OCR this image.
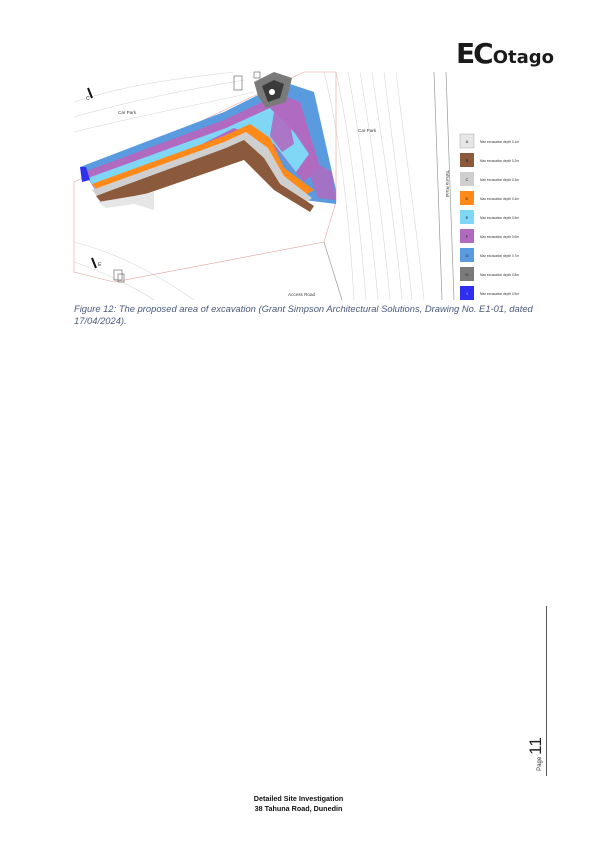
EC Otago
C
E
Car Park
Car Park
Access Road
Tahuna Road
A	Max excavation depth 0.1m
B	Max excavation depth 0.2m
C	Max excavation depth 0.3m
D	Max excavation depth 0.4m
E	Max excavation depth 0.5m
F	Max excavation depth 0.6m
G	Max excavation depth 0.7m
H	Max excavation depth 0.8m
I	Max excavation depth 0.9m
Figure 12: The proposed area of excavation (Grant Simpson Architectural Solutions, Drawing No. E1-01, dated 17/04/2024).
Page
11
Detailed Site Investigation
38 Tahuna Road, Dunedin
